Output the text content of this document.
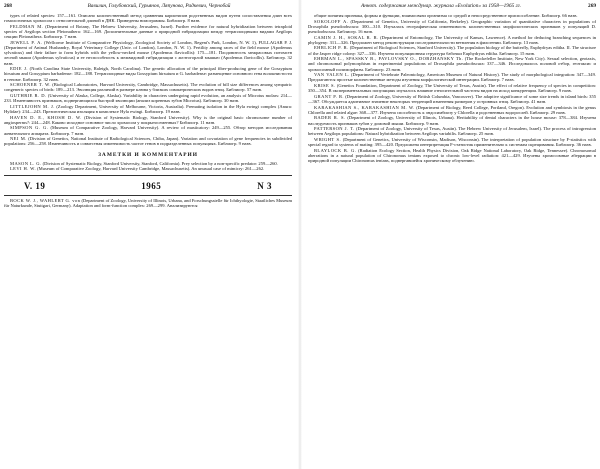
268	Вавилин, Голубовский, Гурьянов, Ляпунова, Радкевич, Чернобай

types of related species: 157—161. Описано количественный метод сравнения кариотипов родственных видов путем сопоставления длин всех гомологичных хромосом с относительной длиной в ДНК. Приведены номограммы. Библиогр. 8 назв.

FELDMAN M. (Department of Botany, The Hebrew University, Jerusalem, Israel). Further evidence for natural hybridization between tetraploid species of Aegilops section Pleionathera: 162—169. Дополнительные данные о природной гибридизации между тетраплоидными видами Aegilops секции Pleionathera. Библиогр. 7 назв.

JEWELL P. A. (Wellcome Institute of Comparative Physiology, Zoological Society of London, Regent's Park, London, N. W. 1), FULLAGAR P. J. (Department of Animal Husbandry, Royal Veterinary College (Univ. of London), London, N. W. 1). Fertility among races of the field mouse (Apodemus sylvaticus) and their failure to form hybrids with the yellow-necked mouse (Apodemus flavicollis): 175—181. Плодовитость межрасовых потомств лесной мыши (Apodemus sylvaticus) и ее неспособность к межвидовой гибридизации с желтогорлой мышью (Apodemus flavicollis). Библиогр. 32 назв.

EDIE J. (North Carolina State University, Raleigh, North Carolina). The genetic allocation of the principal fiber-producing gene of the Gossypium hirsutum and Gossypium barbadense: 182—188. Тетраплоидные виды Gossypium hirsutum и G. barbadense: размещение основного гена волокнистости в геноме. Библиогр. 32 назв.

SCHOENER T. W. (Biological Laboratories, Harvard University, Cambridge, Massachusetts). The evolution of bill size differences among sympatric congeneric species of birds: 189—213. Эволюция различий в размере клюва у близких симпатрических видов птиц. Библиогр. 57 назв.

GUTHRIE R. D. (University of Alaska, College, Alaska). Variability in characters undergoing rapid evolution, an analysis of Microtus molars: 214—233. Изменчивость признаков, подвергающихся быстрой эволюции (анализ коренных зубов Microtus). Библиогр. 30 назв.

LITTLEJOHN M. J. (Zoology Department, University of Melbourne, Victoria, Australia). Premating isolation in the Hyla ewingi complex (Anura: Hylidae): 234—243. Презиготическая изоляция в комплексе Hyla ewingi. Библиогр. 19 назв.

HAVEN D. E., KHOSH D. W. (Division of Systematic Biology, Stanford University). Why is the original basic chromosome number of angiosperms?: 244—248. Каково исходное основное число хромосом у покрытосеменных? Библиогр. 11 назв.

SIMPSON G. G. (Museum of Comparative Zoology, Harvard University). A review of masticatory: 249—255. Обзор методов исследования жевательного аппарата. Библиогр. 7 назв.

NEI M. (Division of Genetics, National Institute of Radiological Sciences, Chiba, Japan). Variation and covariation of gene frequencies in subdivided populations: 256—258. Изменчивость и совместная изменчивость частот генов в подразделенных популяциях. Библиогр. 9 назв.

ЗАМЕТКИ И КОММЕНТАРИИ

MASON L. G. (Division of Systematic Biology, Stanford University, Stanford, California). Prey selection by a non-specific predator: 259—260.

LEVI H. W. (Museum of Comparative Zoology, Harvard University Cambridge, Massachusetts). An unusual case of mimicry: 261—262.

V. 19	1965	N 3

BOCK W. J., WAHLERT G. von (Department of Zoology, University of Illinois, Urbana, and Forschungsstelle für Ichthyologie, Staatliches Museum für Naturkunde, Stuttgart, Germany). Adaptation and form-function complex: 269—299. Анализируются

Аннот. содержание междунар. журнала «Evolution» за 1958—1965 гг.	269

общие понятия признака, формы и функции, взаимосвязи организма со средой и непосредственное приспособление. Библиогр. 66 назв.

SOKOLOFF A. (Department of Genetics, University of California, Berkeley). Geographic variation of quantitative characters in populations of Drosophila pseudoobscura: 300—310. Изучалась географическая изменчивость количественных морфологических признаков у популяций D. pseudoobscura. Библиогр. 16 назв.

CAMIN J. H., SOKAL R. R. (Department of Entomology, The University of Kansas, Lawrence). A method for deducing branching sequences in phylogeny: 311—326. Предложен метод реконструкции последовательности ветвления в филогении. Библиогр. 13 назв.

EHRLICH P. R. (Department of Biological Sciences, Stanford University). The population biology of the butterfly, Euphydryas editha. II. The structure of the Jasper ridge colony: 327—336. Изучена популяционная структура бабочки Euphydryas editha. Библиогр. 15 назв.

EHRMAN L., SPASSKY B., PAVLOVSKY O., DOBZHANSKY Th. (The Rockefeller Institute, New York City). Sexual selection, geotaxis, and chromosomal polymorphism in experimental populations of Drosophila pseudoobscura: 337—346. Исследовалось половой отбор, геотаксис и хромосомный полиморфизм. Библиогр. 23 назв.

VAN VALEN L. (Department of Vertebrate Paleontology, American Museum of Natural History). The study of morphological integration: 347—349. Предлагаются простые количественные методы изучения морфологической интеграции. Библиогр. 7 назв.

KRISE S. (Genetics Foundation, Department of Zoology, The University of Texas, Austin). The effect of relative frequency of species in competition: 350—354. В экспериментальных популяциях изучалось влияние относительной частоты видов на исход конкуренции. Библиогр. 9 назв.

GRANT P. R. (Department of Zoology, University of British Columbia, Vancouver). The adaptive significance of some size trends in island birds: 355—367. Обсуждается адаптивное значение некоторых тенденций изменения размеров у островных птиц. Библиогр. 41 назв.

KARAKASHIAN S., KARAKASHIAN M. W. (Department of Biology, Reed College, Portland, Oregon). Evolution and symbiosis in the genus Chlorella and related algae: 368—377. Изучена способность к эндосимбиозу у Chlorella и родственных водорослей. Библиогр. 29 назв.

BADER R. S. (Department of Zoology, University of Illinois, Urbana). Heritability of dental characters in the house mouse: 378—384. Изучена наследуемость признаков зубов у домовой мыши. Библиогр. 9 назв.

PATTERSON J. T. (Department of Zoology, University of Texas, Austin). The Hebrew University of Jerusalem, Israel). The process of introgression between Aegilops populations: Natural hybridization between Aegilops variabilis. Библиогр. 25 назв.

WRIGHT S. (Department of Genetics, University of Wisconsin, Madison, Wisconsin). The interpretation of population structure by F-statistics with special regard to systems of mating: 395—420. Предложена интерпретация F-статистик применительно к системам скрещивания. Библиогр. 36 назв.

BLAYLOCK B. G. (Radiation Ecology Section, Health Physics Division, Oak Ridge National Laboratory, Oak Ridge, Tennessee). Chromosomal aberrations in a natural population of Chironomus tentans exposed to chronic low-level radiation: 421—429. Изучены хромосомные аберрации в природной популяции Chironomus tentans, подвергавшейся хроническому облучению.
